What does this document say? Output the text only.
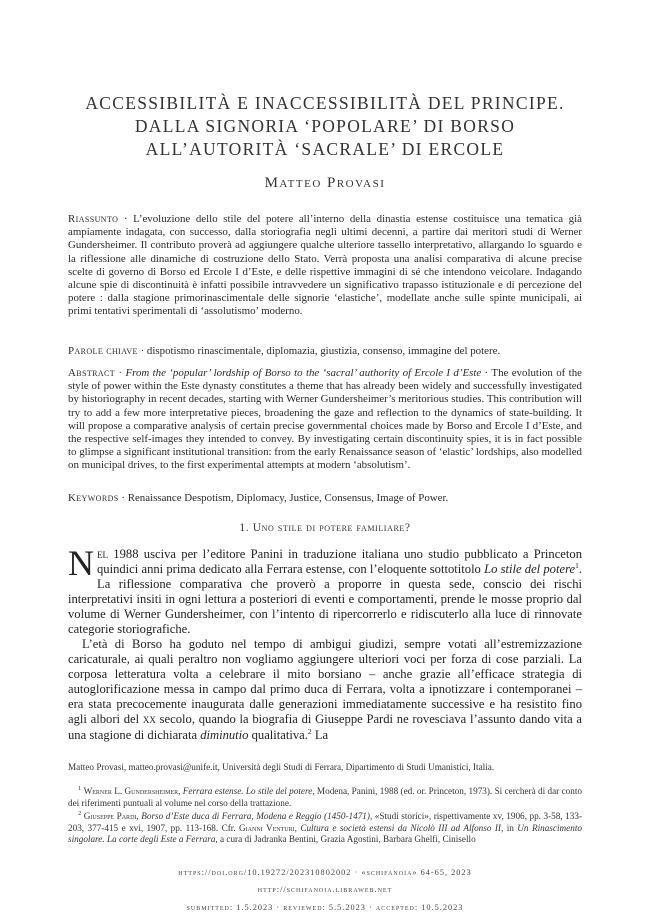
ACCESSIBILITÀ E INACCESSIBILITÀ DEL PRINCIPE.
DALLA SIGNORIA ‘POPOLARE’ DI BORSO
ALL’AUTORITÀ ‘SACRALE’ DI ERCOLE
Matteo Provasi
Riassunto · L’evoluzione dello stile del potere all’interno della dinastia estense costituisce una tematica già ampiamente indagata, con successo, dalla storiografia negli ultimi decenni, a partire dai meritori studi di Werner Gundersheimer. Il contributo proverà ad aggiungere qualche ulteriore tassello interpretativo, allargando lo sguardo e la riflessione alle dinamiche di costruzione dello Stato. Verrà proposta una analisi comparativa di alcune precise scelte di governo di Borso ed Ercole I d’Este, e delle rispettive immagini di sé che intendono veicolare. Indagando alcune spie di discontinuità è infatti possibile intravvedere un significativo trapasso istituzionale e di percezione del potere : dalla stagione primorinascimentale delle signorie ‘elastiche’, modellate anche sulle spinte municipali, ai primi tentativi sperimentali di ‘assolutismo’ moderno.
Parole chiave · dispotismo rinascimentale, diplomazia, giustizia, consenso, immagine del potere.
Abstract · From the ‘popular’ lordship of Borso to the ‘sacral’ authority of Ercole I d’Este · The evolution of the style of power within the Este dynasty constitutes a theme that has already been widely and successfully investigated by historiography in recent decades, starting with Werner Gundersheimer’s meritorious studies. This contribution will try to add a few more interpretative pieces, broadening the gaze and reflection to the dynamics of state-building. It will propose a comparative analysis of certain precise governmental choices made by Borso and Ercole I d’Este, and the respective self-images they intended to convey. By investigating certain discontinuity spies, it is in fact possible to glimpse a significant institutional transition: from the early Renaissance season of ‘elastic’ lordships, also modelled on municipal drives, to the first experimental attempts at modern ‘absolutism’.
Keywords · Renaissance Despotism, Diplomacy, Justice, Consensus, Image of Power.
1. Uno stile di potere familiare?
Nel 1988 usciva per l’editore Panini in traduzione italiana uno studio pubblicato a Princeton quindici anni prima dedicato alla Ferrara estense, con l’eloquente sottotitolo Lo stile del potere$^1$. La riflessione comparativa che proverò a proporre in questa sede, conscio dei rischi interpretativi insiti in ogni lettura a posteriori di eventi e comportamenti, prende le mosse proprio dal volume di Werner Gundersheimer, con l’intento di ripercorrerlo e ridiscuterlo alla luce di rinnovate categorie storiografiche.
L’età di Borso ha goduto nel tempo di ambigui giudizi, sempre votati all’estremizzazione caricaturale, ai quali peraltro non vogliamo aggiungere ulteriori voci per forza di cose parziali. La corposa letteratura volta a celebrare il mito borsiano – anche grazie all’efficace strategia di autoglorificazione messa in campo dal primo duca di Ferrara, volta a ipnotizzare i contemporanei – era stata precocemente inaugurata dalle generazioni immediatamente successive e ha resistito fino agli albori del xx secolo, quando la biografia di Giuseppe Pardi ne rovesciava l’assunto dando vita a una stagione di dichiarata diminutio qualitativa.$^2$ La
Matteo Provasi, matteo.provasi@unife.it, Università degli Studi di Ferrara, Dipartimento di Studi Umanistici, Italia.
$^1$ Werner L. Gundersheimer, Ferrara estense. Lo stile del potere, Modena, Panini, 1988 (ed. or. Princeton, 1973). Si cercherà di dar conto dei riferimenti puntuali al volume nel corso della trattazione.
$^2$ Giuseppe Pardi, Borso d’Este duca di Ferrara, Modena e Reggio (1450-1471), «Studi storici», rispettivamente xv, 1906, pp. 3-58, 133-203, 377-415 e xvi, 1907, pp. 113-168. Cfr. Gianni Venturi, Cultura e società estensi da Nicolò III ad Alfonso II, in Un Rinascimento singolare. La corte degli Este a Ferrara, a cura di Jadranka Bentini, Grazia Agostini, Barbara Ghelfi, Cinisello
https://doi.org/10.19272/202310802002 · «schifanoia» 64-65, 2023
http://schifanoia.libraweb.net
submitted: 1.5.2023 · reviewed: 5.5.2023 · accepted: 10.5.2023
